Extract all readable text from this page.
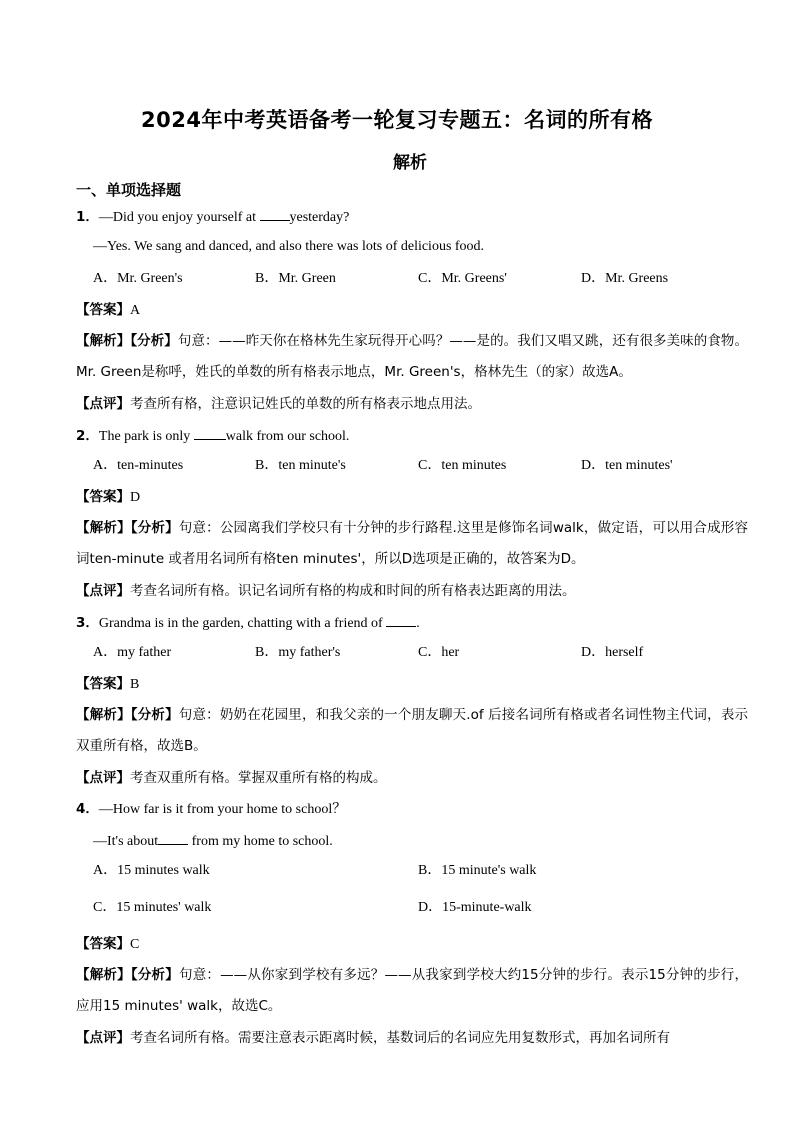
2024年中考英语备考一轮复习专题五：名词的所有格
解析
一、单项选择题
1．—Did you enjoy yourself at yesterday?
—Yes. We sang and danced, and also there was lots of delicious food.
A．Mr. Green's	B．Mr. Green	C．Mr. Greens'	D．Mr. Greens
【答案】A
【解析】【分析】句意：——昨天你在格林先生家玩得开心吗？——是的。我们又唱又跳，还有很多美味的食物。Mr. Green是称呼，姓氏的单数的所有格表示地点，Mr. Green's，格林先生（的家）故选A。
【点评】考查所有格，注意识记姓氏的单数的所有格表示地点用法。
2．The park is only walk from our school.
A．ten-minutes	B．ten minute's	C．ten minutes	D．ten minutes'
【答案】D
【解析】【分析】句意：公园离我们学校只有十分钟的步行路程.这里是修饰名词walk，做定语，可以用合成形容词ten-minute 或者用名词所有格ten minutes'，所以D选项是正确的，故答案为D。
【点评】考查名词所有格。识记名词所有格的构成和时间的所有格表达距离的用法。
3．Grandma is in the garden, chatting with a friend of .
A．my father	B．my father's	C．her	D．herself
【答案】B
【解析】【分析】句意：奶奶在花园里，和我父亲的一个朋友聊天.of 后接名词所有格或者名词性物主代词，表示双重所有格，故选B。
【点评】考查双重所有格。掌握双重所有格的构成。
4．—How far is it from your home to school？
—It's about from my home to school.
A．15 minutes walk	B．15 minute's walk
C．15 minutes' walk	D．15-minute-walk
【答案】C
【解析】【分析】句意：——从你家到学校有多远？——从我家到学校大约15分钟的步行。表示15分钟的步行，应用15 minutes' walk，故选C。
【点评】考查名词所有格。需要注意表示距离时候，基数词后的名词应先用复数形式，再加名词所有
